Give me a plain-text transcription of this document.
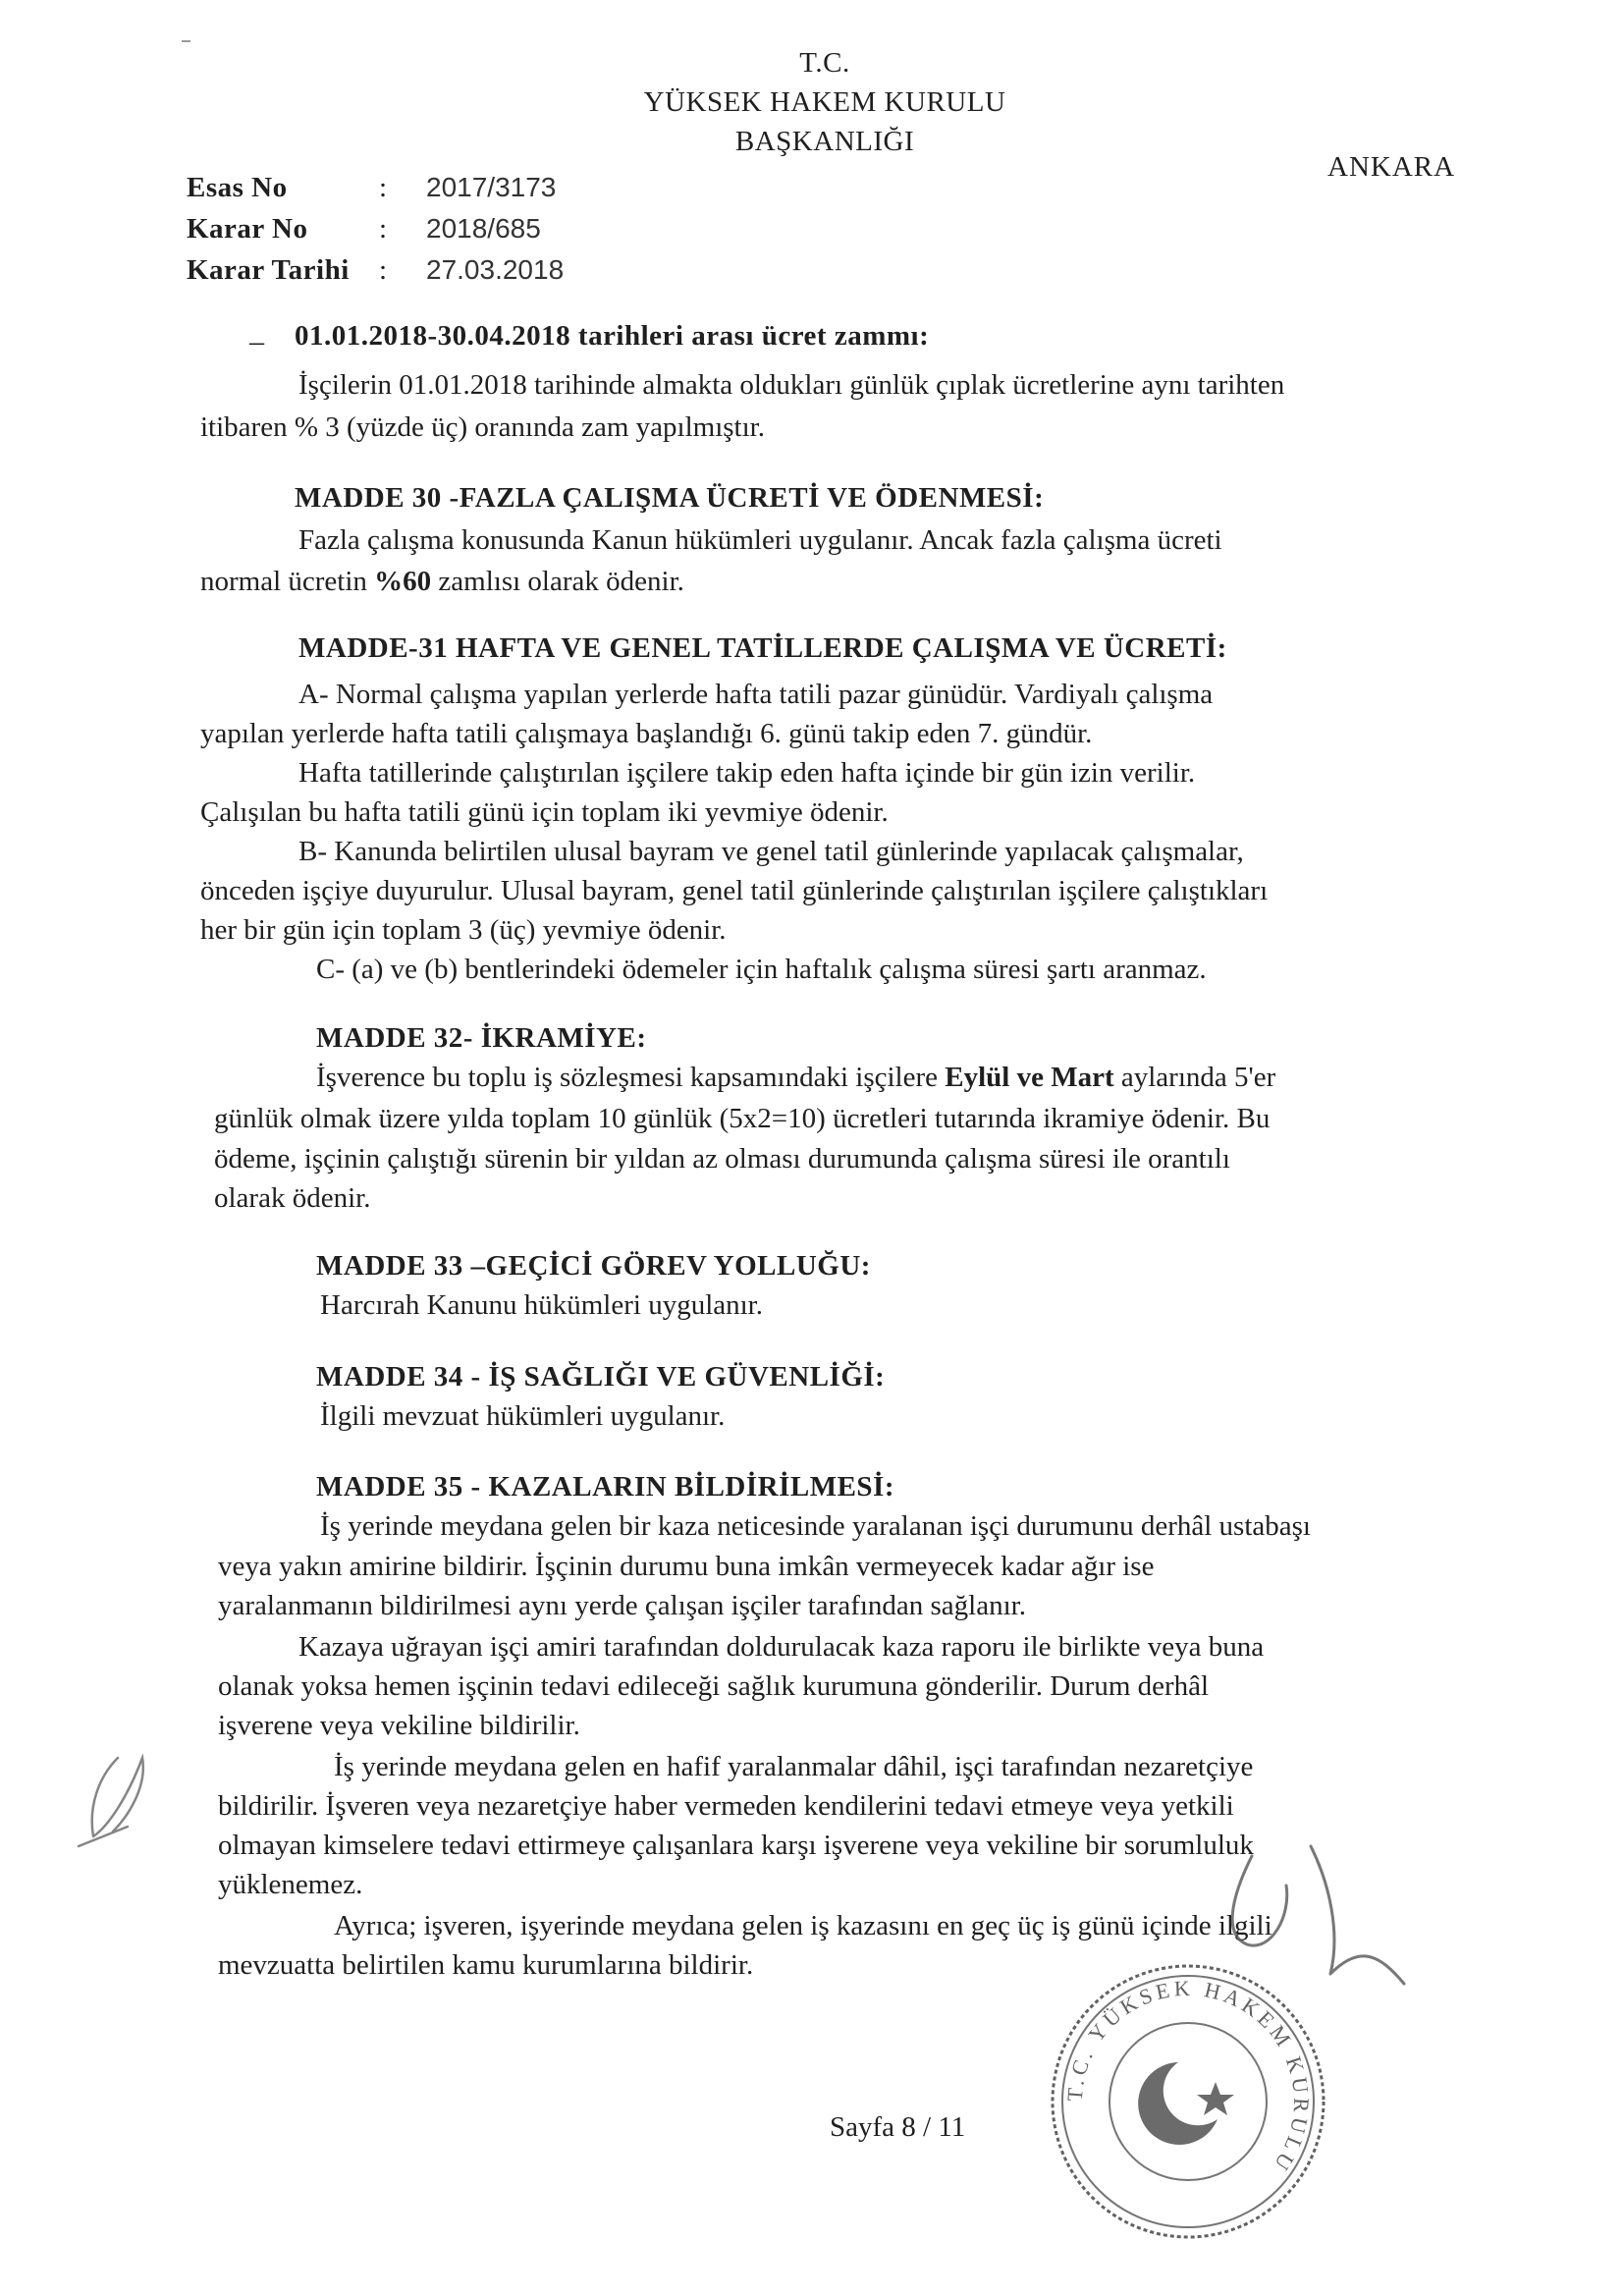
T.C.
YÜKSEK HAKEM KURULU
BAŞKANLIĞI
ANKARA
Esas No	:	2017/3173
Karar No	:	2018/685
Karar Tarihi	:	27.03.2018
– 01.01.2018-30.04.2018 tarihleri arası ücret zammı:
İşçilerin 01.01.2018 tarihinde almakta oldukları günlük çıplak ücretlerine aynı tarihten
itibaren % 3 (yüzde üç) oranında zam yapılmıştır.
MADDE 30 -FAZLA ÇALIŞMA ÜCRETİ VE ÖDENMESİ:
Fazla çalışma konusunda Kanun hükümleri uygulanır. Ancak fazla çalışma ücreti
normal ücretin %60 zamlısı olarak ödenir.
MADDE-31 HAFTA VE GENEL TATİLLERDE ÇALIŞMA VE ÜCRETİ:
A- Normal çalışma yapılan yerlerde hafta tatili pazar günüdür. Vardiyalı çalışma
yapılan yerlerde hafta tatili çalışmaya başlandığı 6. günü takip eden 7. gündür.
Hafta tatillerinde çalıştırılan işçilere takip eden hafta içinde bir gün izin verilir.
Çalışılan bu hafta tatili günü için toplam iki yevmiye ödenir.
B- Kanunda belirtilen ulusal bayram ve genel tatil günlerinde yapılacak çalışmalar,
önceden işçiye duyurulur. Ulusal bayram, genel tatil günlerinde çalıştırılan işçilere çalıştıkları
her bir gün için toplam 3 (üç) yevmiye ödenir.
C- (a) ve (b) bentlerindeki ödemeler için haftalık çalışma süresi şartı aranmaz.
MADDE 32- İKRAMİYE:
İşverence bu toplu iş sözleşmesi kapsamındaki işçilere Eylül ve Mart aylarında 5'er
günlük olmak üzere yılda toplam 10 günlük (5x2=10) ücretleri tutarında ikramiye ödenir. Bu
ödeme, işçinin çalıştığı sürenin bir yıldan az olması durumunda çalışma süresi ile orantılı
olarak ödenir.
MADDE 33 –GEÇİCİ GÖREV YOLLUĞU:
Harcırah Kanunu hükümleri uygulanır.
MADDE 34 - İŞ SAĞLIĞI VE GÜVENLİĞİ:
İlgili mevzuat hükümleri uygulanır.
MADDE 35 - KAZALARIN BİLDİRİLMESİ:
İş yerinde meydana gelen bir kaza neticesinde yaralanan işçi durumunu derhâl ustabaşı
veya yakın amirine bildirir. İşçinin durumu buna imkân vermeyecek kadar ağır ise
yaralanmanın bildirilmesi aynı yerde çalışan işçiler tarafından sağlanır.
Kazaya uğrayan işçi amiri tarafından doldurulacak kaza raporu ile birlikte veya buna
olanak yoksa hemen işçinin tedavi edileceği sağlık kurumuna gönderilir. Durum derhâl
işverene veya vekiline bildirilir.
İş yerinde meydana gelen en hafif yaralanmalar dâhil, işçi tarafından nezaretçiye
bildirilir. İşveren veya nezaretçiye haber vermeden kendilerini tedavi etmeye veya yetkili
olmayan kimselere tedavi ettirmeye çalışanlara karşı işverene veya vekiline bir sorumluluk
yüklenemez.
Ayrıca; işveren, işyerinde meydana gelen iş kazasını en geç üç iş günü içinde ilgili
mevzuatta belirtilen kamu kurumlarına bildirir.
Sayfa 8 / 11
T.C. YÜKSEK HAKEM KURULU
